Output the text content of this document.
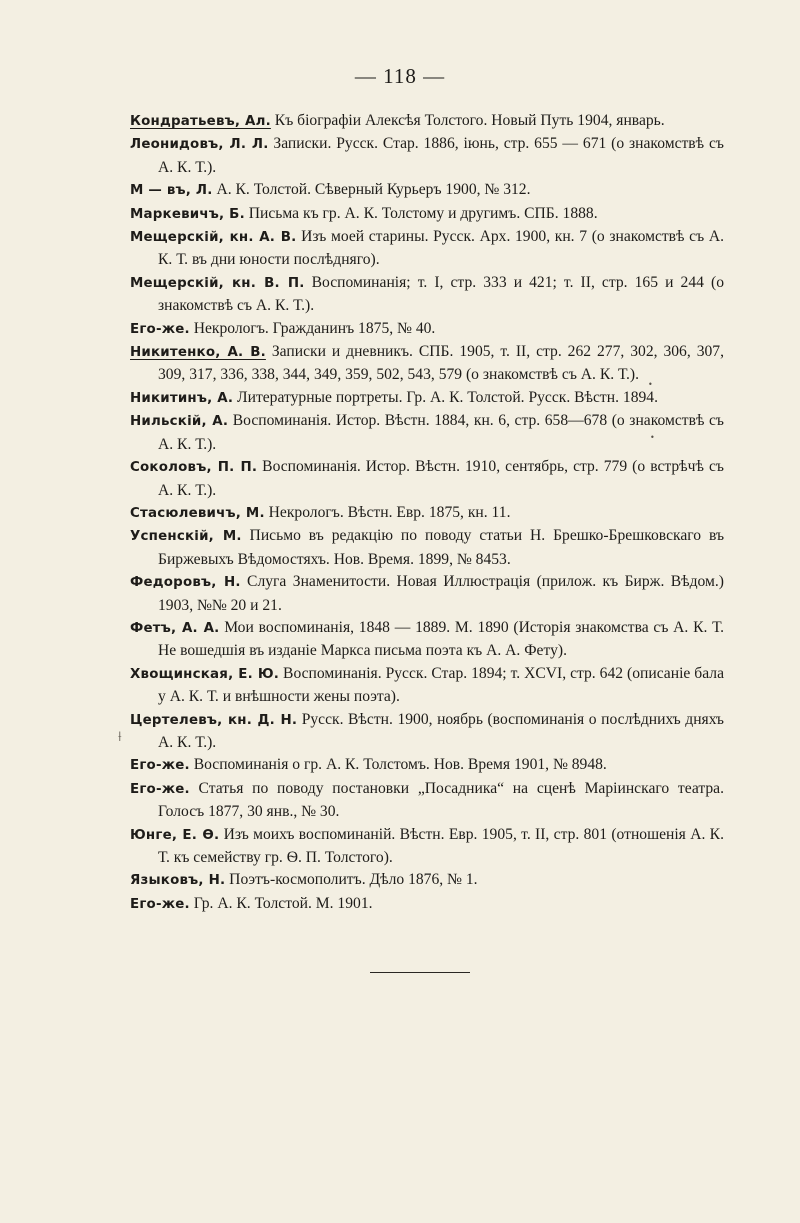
— 118 —

Кондратьевъ, Ал. Къ біографіи Алексѣя Толстого. Новый Путь 1904, январь.

Леонидовъ, Л. Л. Записки. Русск. Стар. 1886, іюнь, стр. 655 — 671 (о знакомствѣ съ А. К. Т.).

М — въ, Л. А. К. Толстой. Сѣверный Курьеръ 1900, № 312.

Маркевичъ, Б. Письма къ гр. А. К. Толстому и другимъ. СПБ. 1888.

Мещерскій, кн. А. В. Изъ моей старины. Русск. Арх. 1900, кн. 7 (о знакомствѣ съ А. К. Т. въ дни юности послѣдняго).

Мещерскій, кн. В. П. Воспоминанія; т. I, стр. 333 и 421; т. II, стр. 165 и 244 (о знакомствѣ съ А. К. Т.).

Его-же. Некрологъ. Гражданинъ 1875, № 40.

Никитенко, А. В. Записки и дневникъ. СПБ. 1905, т. II, стр. 262 277, 302, 306, 307, 309, 317, 336, 338, 344, 349, 359, 502, 543, 579 (о знакомствѣ съ А. К. Т.).

Никитинъ, А. Литературные портреты. Гр. А. К. Толстой. Русск. Вѣстн. 1894.

Нильскій, А. Воспоминанія. Истор. Вѣстн. 1884, кн. 6, стр. 658—678 (о знакомствѣ съ А. К. Т.).

Соколовъ, П. П. Воспоминанія. Истор. Вѣстн. 1910, сентябрь, стр. 779 (о встрѣчѣ съ А. К. Т.).

Стасюлевичъ, М. Некрологъ. Вѣстн. Евр. 1875, кн. 11.

Успенскій, М. Письмо въ редакцію по поводу статьи Н. Брешко-Брешковскаго въ Биржевыхъ Вѣдомостяхъ. Нов. Время. 1899, № 8453.

Федоровъ, Н. Слуга Знаменитости. Новая Иллюстрація (прилож. къ Бирж. Вѣдом.) 1903, №№ 20 и 21.

Фетъ, А. А. Мои воспоминанія, 1848 — 1889. М. 1890 (Исторія знакомства съ А. К. Т. Не вошедшія въ изданіе Маркса письма поэта къ А. А. Фету).

Хвощинская, Е. Ю. Воспоминанія. Русск. Стар. 1894; т. XCVI, стр. 642 (описаніе бала у А. К. Т. и внѣшности жены поэта).

Цертелевъ, кн. Д. Н. Русск. Вѣстн. 1900, ноябрь (воспоминанія о послѣднихъ дняхъ А. К. Т.).

Его-же. Воспоминанія о гр. А. К. Толстомъ. Нов. Время 1901, № 8948.

Его-же. Статья по поводу постановки „Посадника“ на сценѣ Маріинскаго театра. Голосъ 1877, 30 янв., № 30.

Юнге, Е. Ѳ. Изъ моихъ воспоминаній. Вѣстн. Евр. 1905, т. II, стр. 801 (отношенія А. К. Т. къ семейству гр. Ѳ. П. Толстого).

Языковъ, Н. Поэтъ-космополитъ. Дѣло 1876, № 1.

Его-же. Гр. А. К. Толстой. М. 1901.

⟊
•
•
